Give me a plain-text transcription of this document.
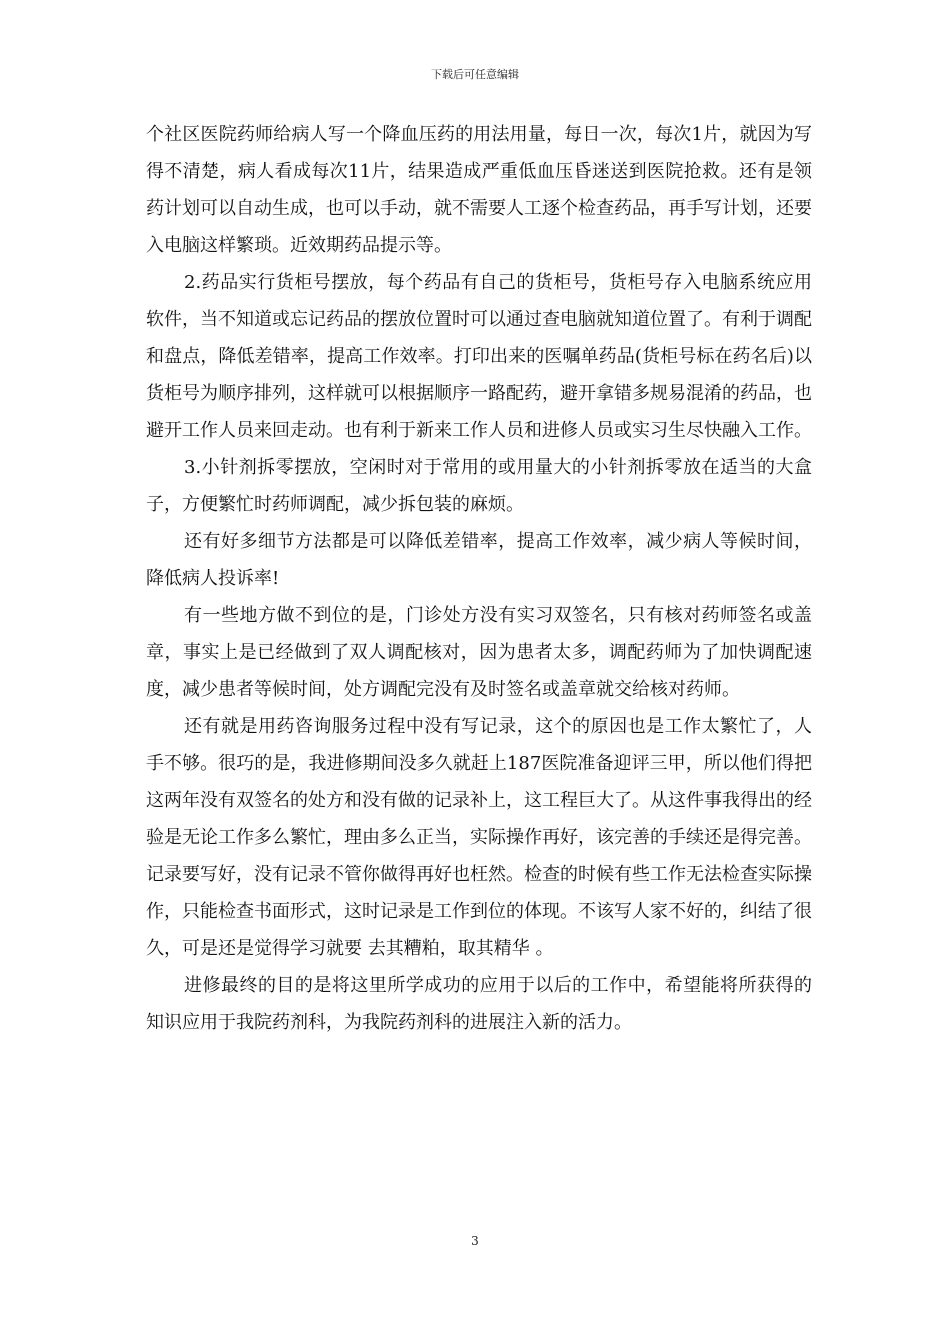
下载后可任意编辑

个社区医院药师给病人写一个降血压药的用法用量，每日一次，每次1片，就因为写得不清楚，病人看成每次11片，结果造成严重低血压昏迷送到医院抢救。还有是领药计划可以自动生成，也可以手动，就不需要人工逐个检查药品，再手写计划，还要入电脑这样繁琐。近效期药品提示等。

2.药品实行货柜号摆放，每个药品有自己的货柜号，货柜号存入电脑系统应用软件，当不知道或忘记药品的摆放位置时可以通过查电脑就知道位置了。有利于调配和盘点，降低差错率，提高工作效率。打印出来的医嘱单药品(货柜号标在药名后)以货柜号为顺序排列，这样就可以根据顺序一路配药，避开拿错多规易混淆的药品，也避开工作人员来回走动。也有利于新来工作人员和进修人员或实习生尽快融入工作。

3.小针剂拆零摆放，空闲时对于常用的或用量大的小针剂拆零放在适当的大盒子，方便繁忙时药师调配，减少拆包装的麻烦。

还有好多细节方法都是可以降低差错率，提高工作效率，减少病人等候时间，降低病人投诉率!

有一些地方做不到位的是，门诊处方没有实习双签名，只有核对药师签名或盖章，事实上是已经做到了双人调配核对，因为患者太多，调配药师为了加快调配速度，减少患者等候时间，处方调配完没有及时签名或盖章就交给核对药师。

还有就是用药咨询服务过程中没有写记录，这个的原因也是工作太繁忙了，人手不够。很巧的是，我进修期间没多久就赶上187医院准备迎评三甲，所以他们得把这两年没有双签名的处方和没有做的记录补上，这工程巨大了。从这件事我得出的经验是无论工作多么繁忙，理由多么正当，实际操作再好，该完善的手续还是得完善。记录要写好，没有记录不管你做得再好也枉然。检查的时候有些工作无法检查实际操作，只能检查书面形式，这时记录是工作到位的体现。不该写人家不好的，纠结了很久，可是还是觉得学习就要 去其糟粕，取其精华 。

进修最终的目的是将这里所学成功的应用于以后的工作中，希望能将所获得的知识应用于我院药剂科，为我院药剂科的进展注入新的活力。

3
